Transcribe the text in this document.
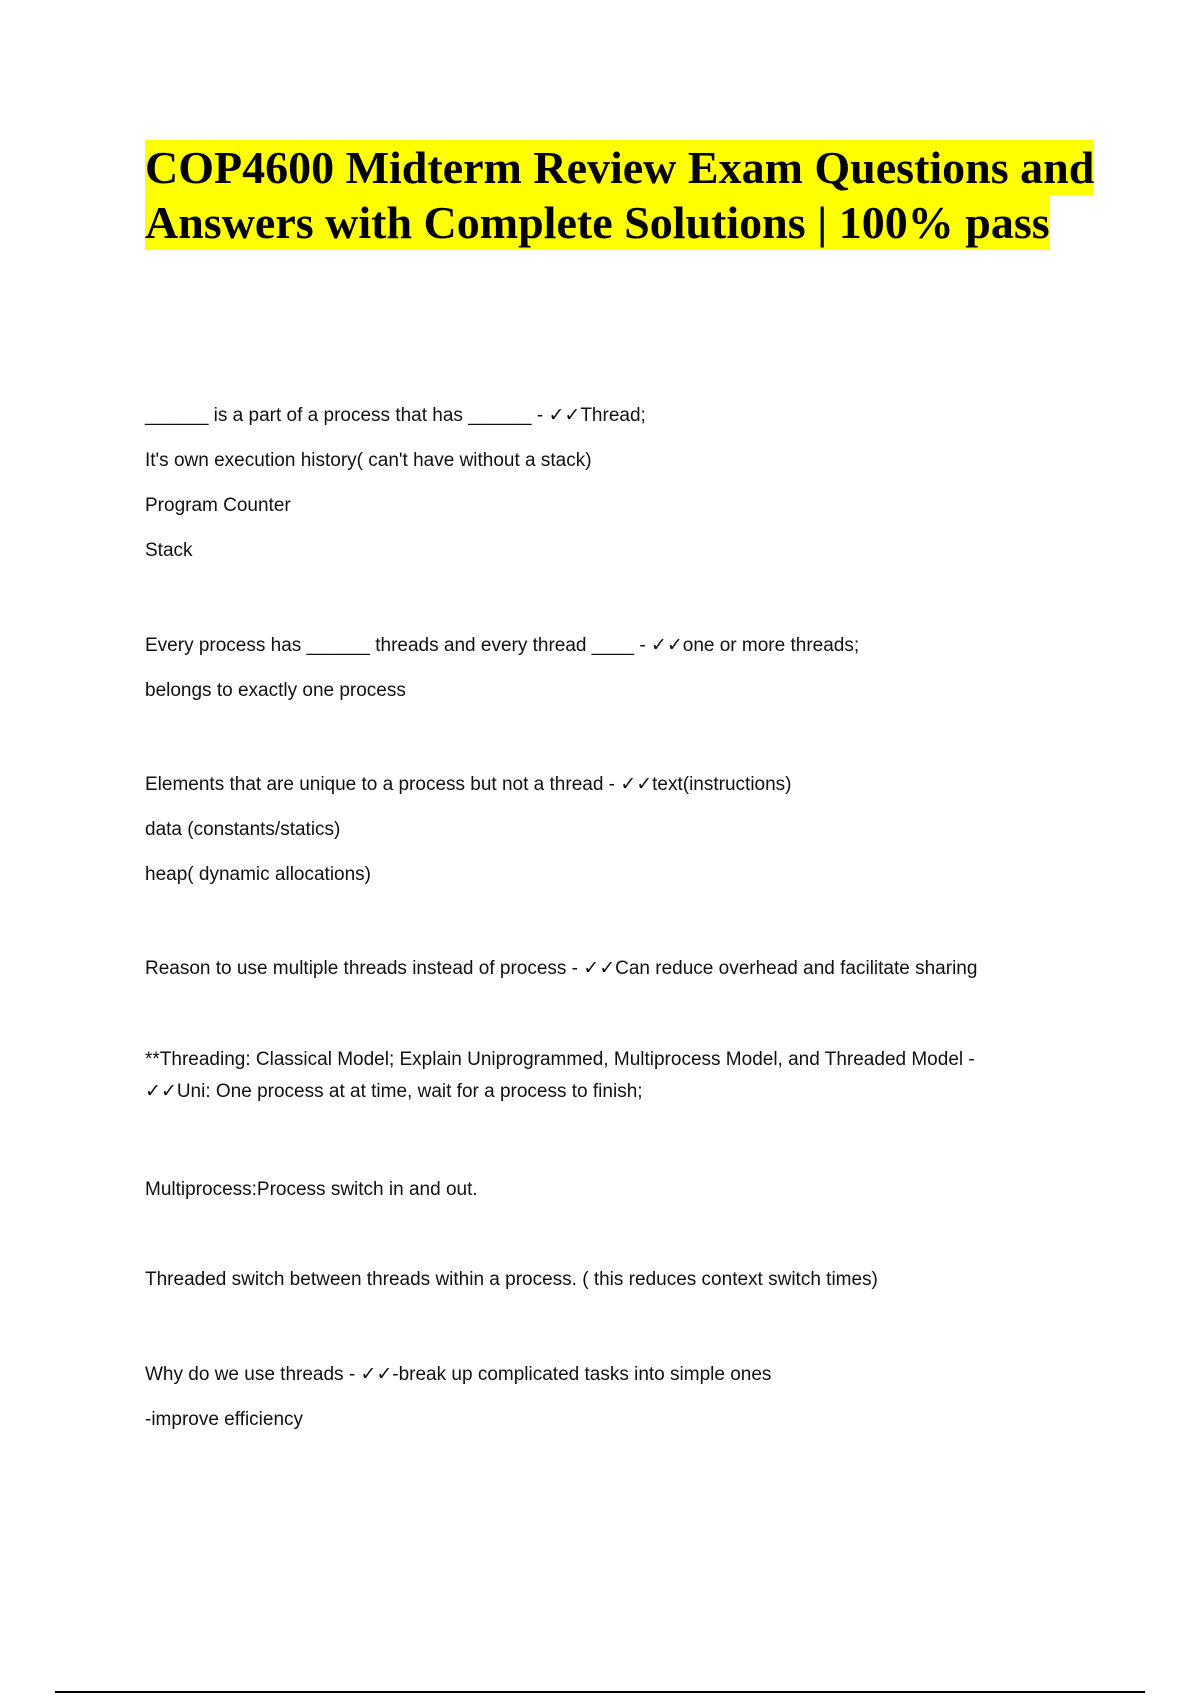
COP4600 Midterm Review Exam Questions and Answers with Complete Solutions | 100% pass
______ is a part of a process that has ______ - ✓✓Thread;
It's own execution history( can't have without a stack)
Program Counter
Stack
Every process has ______ threads and every thread ____ - ✓✓one or more threads;
belongs to exactly one process
Elements that are unique to a process but not a thread - ✓✓text(instructions)
data (constants/statics)
heap( dynamic allocations)
Reason to use multiple threads instead of process - ✓✓Can reduce overhead and facilitate sharing
**Threading: Classical Model; Explain Uniprogrammed, Multiprocess Model, and Threaded Model -
✓✓Uni: One process at at time, wait for a process to finish;
Multiprocess:Process switch in and out.
Threaded switch between threads within a process. ( this reduces context switch times)
Why do we use threads - ✓✓-break up complicated tasks into simple ones
-improve efficiency
